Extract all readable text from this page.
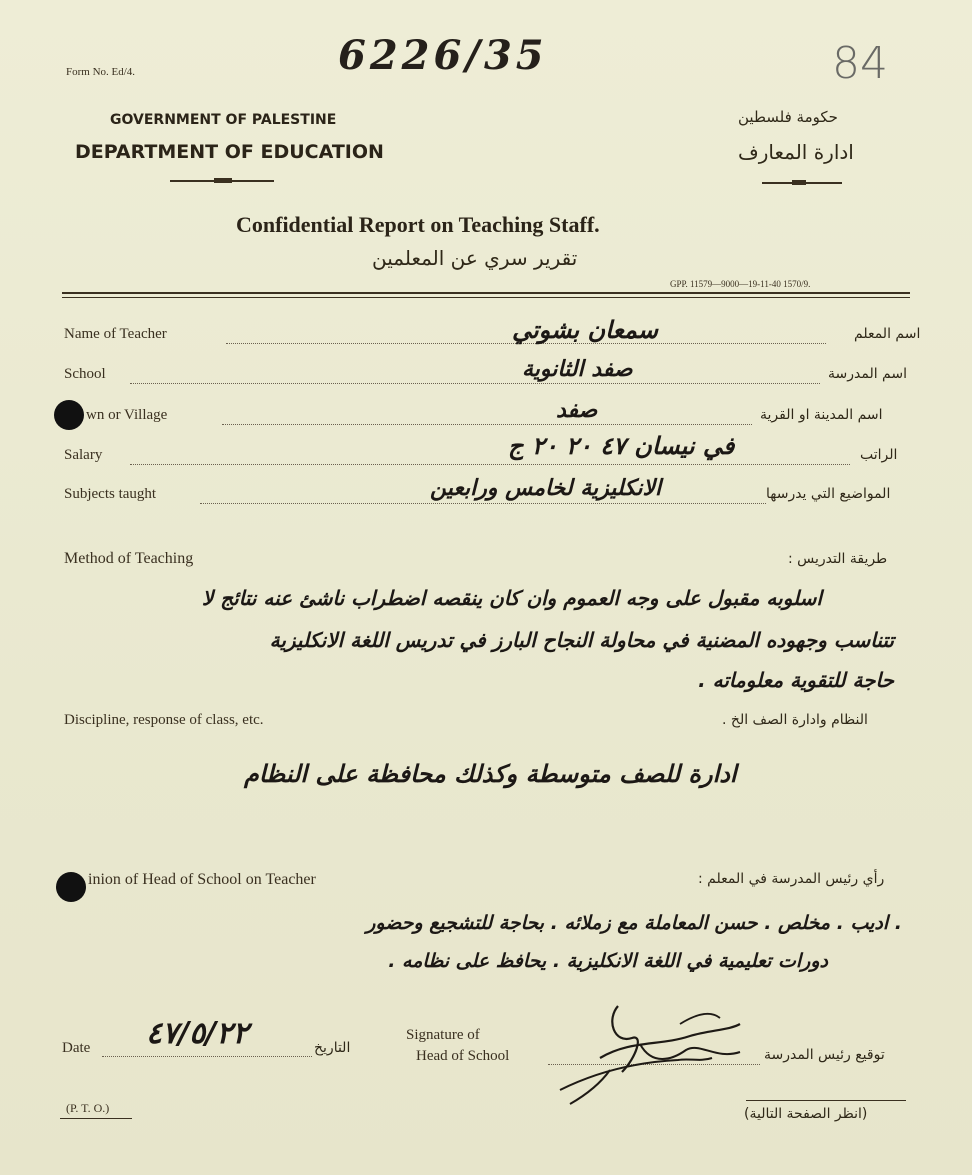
Form No. Ed/4.	6226/35	84
GOVERNMENT OF PALESTINE
DEPARTMENT OF EDUCATION
حكومة فلسطين
ادارة المعارف
Confidential Report on Teaching Staff.
تقرير سري عن المعلمين
GPP. 11579—9000—19-11-40 1570/9.
Name of Teacher	سمعان بشوتي	اسم المعلم
School	صفد الثانوية	اسم المدرسة
wn or Village	صفد	اسم المدينة او القرية
Salary	في نيسان ٤٧ ٢٠ ٢٠ ج	الراتب
Subjects taught	الانكليزية لخامس ورابعين	المواضيع التي يدرسها
Method of Teaching	طريقة التدريس :
اسلوبه مقبول على وجه العموم وان كان ينقصه اضطراب ناشئ عنه نتائج لا
تتناسب وجهوده المضنية في محاولة النجاح البارز في تدريس اللغة الانكليزية
حاجة للتقوية معلوماته .
Discipline, response of class, etc.	النظام وادارة الصف الخ .
ادارة للصف متوسطة وكذلك محافظة على النظام
inion of Head of School on Teacher	رأي رئيس المدرسة في المعلم :
. اديب . مخلص . حسن المعاملة مع زملائه . بحاجة للتشجيع وحضور
دورات تعليمية في اللغة الانكليزية . يحافظ على نظامه .
Date ٤٧/٥/٢٢	التاريخ
Signature of
Head of School	توقيع رئيس المدرسة
(P. T. O.)	(انظر الصفحة التالية)
